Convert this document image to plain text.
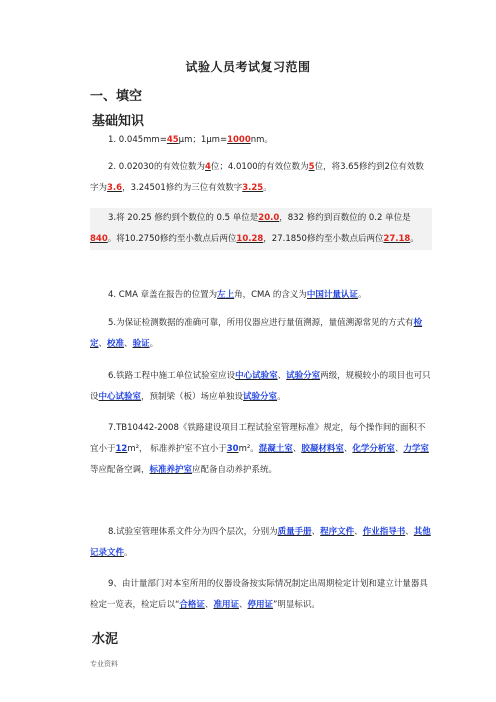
试验人员考试复习范围
一、填空
基础知识
1. 0.045mm=45μm；1μm=1000nm。
2. 0.02030的有效位数为4位；4.0100的有效位数为5位，将3.65修约到2位有效数字为3.6，3.24501修约为三位有效数字3.25。
3.将 20.25 修约到个数位的 0.5 单位是20.0，832 修约到百数位的 0.2 单位是840。将10.2750修约至小数点后两位10.28，27.1850修约至小数点后两位27.18。
4. CMA 章盖在报告的位置为左上角，CMA 的含义为中国计量认证。
5.为保证检测数据的准确可靠，所用仪器应进行量值溯源，量值溯源常见的方式有检定、校准、验证。
6.铁路工程中施工单位试验室应设中心试验室、试验分室两级，规模较小的项目也可只设中心试验室，预制梁（板）场应单独设试验分室。
7.TB10442-2008《铁路建设项目工程试验室管理标准》规定，每个操作间的面积不宜小于12m²， 标准养护室不宜小于30m²。混凝土室、胶凝材料室、化学分析室、力学室等应配备空调，标准养护室应配备自动养护系统。
8.试验室管理体系文件分为四个层次，分别为质量手册、程序文件、作业指导书、其他记录文件。
9、由计量部门对本室所用的仪器设备按实际情况制定出周期检定计划和建立计量器具检定一览表，检定后以“合格证、准用证、停用证”明显标识。
水泥
专业资料
